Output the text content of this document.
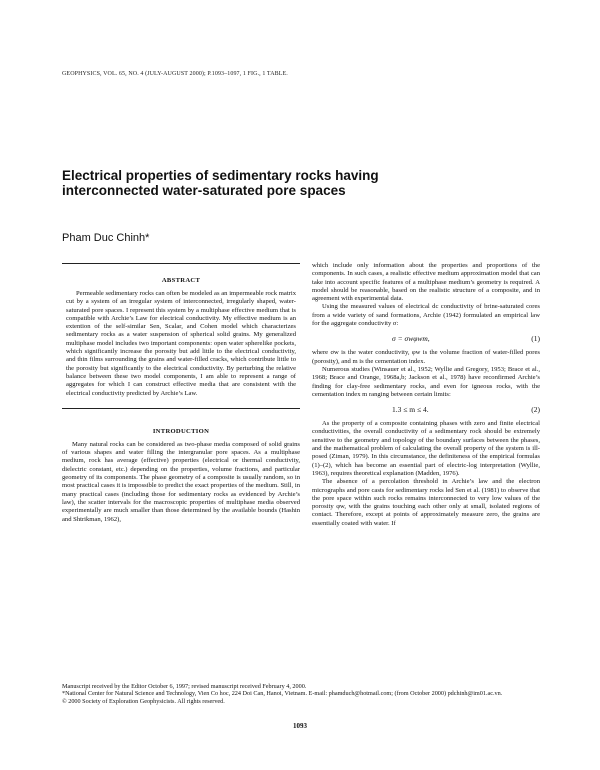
GEOPHYSICS, VOL. 65, NO. 4 (JULY-AUGUST 2000); P.1093–1097, 1 FIG., 1 TABLE.
Electrical properties of sedimentary rocks having interconnected water-saturated pore spaces
Pham Duc Chinh*
ABSTRACT

Permeable sedimentary rocks can often be modeled as an impermeable rock matrix cut by a system of an irregular system of interconnected, irregularly shaped, water-saturated pore spaces. I represent this system by a multiphase effective medium that is compatible with Archie’s Law for electrical conductivity. My effective medium is an extention of the self-similar Sen, Scalar, and Cohen model which characterizes sedimentary rocks as a water suspension of spherical solid grains. My generalized multiphase model includes two important components: open water spherelike pockets, which significantly increase the porosity but add little to the electrical conductivity, and thin films surrounding the grains and water-filled cracks, which contribute little to the porosity but significantly to the electrical conductivity. By perturbing the relative balance between these two model components, I am able to represent a range of aggregates for which I can construct effective media that are consistent with the electrical conductivity predicted by Archie’s Law.

INTRODUCTION

Many natural rocks can be considered as two-phase media composed of solid grains of various shapes and water filling the intergranular pore spaces. As a multiphase medium, rock has average (effective) properties (electrical or thermal conductivity, dielectric constant, etc.) depending on the properties, volume fractions, and particular geometry of its components. The phase geometry of a composite is usually random, so in most practical cases it is impossible to predict the exact properties of the medium. Still, in many practical cases (including those for sedimentary rocks as evidenced by Archie’s law), the scatter intervals for the macroscopic properties of multiphase media observed experimentally are much smaller than those determined by the available bounds (Hashin and Shtrikman, 1962),

which include only information about the properties and proportions of the components. In such cases, a realistic effective medium approximation model that can take into account specific features of a multiphase medium’s geometry is required. A model should be reasonable, based on the realistic structure of a composite, and in agreement with experimental data.

Using the measured values of electrical dc conductivity of brine-saturated cores from a wide variety of sand formations, Archie (1942) formulated an empirical law for the aggregate conductivity σ:

σ = σwφwm,	(1)

where σw is the water conductivity, φw is the volume fraction of water-filled pores (porosity), and m is the cementation index.

Numerous studies (Winsauer et al., 1952; Wyllie and Gregory, 1953; Brace et al., 1968; Brace and Orange, 1968a,b; Jackson et al., 1978) have reconfirmed Archie’s finding for clay-free sedimentary rocks, and even for igneous rocks, with the cementation index m ranging between certain limits:

1.3 ≤ m ≤ 4.	(2)

As the property of a composite containing phases with zero and finite electrical conductivities, the overall conductivity of a sedimentary rock should be extremely sensitive to the geometry and topology of the boundary surfaces between the phases, and the mathematical problem of calculating the overall property of the system is ill-posed (Ziman, 1979). In this circumstance, the definiteness of the empirical formulas (1)–(2), which has become an essential part of electric-log interpretation (Wyllie, 1963), requires theoretical explanation (Madden, 1976).

The absence of a percolation threshold in Archie’s law and the electron micrographs and pore casts for sedimentary rocks led Sen et al. (1981) to observe that the pore space within such rocks remains interconnected to very low values of the porosity φw, with the grains touching each other only at small, isolated regions of contact. Therefore, except at points of approximately measure zero, the grains are essentially coated with water. If

Manuscript received by the Editor October 6, 1997; revised manuscript received February 4, 2000.
*National Center for Natural Science and Technology, Vien Co hoc, 224 Doi Can, Hanoi, Vietnam. E-mail: phamduch@hotmail.com; (from October 2000) pdchinh@im01.ac.vn.
© 2000 Society of Exploration Geophysicists. All rights reserved.
1093
